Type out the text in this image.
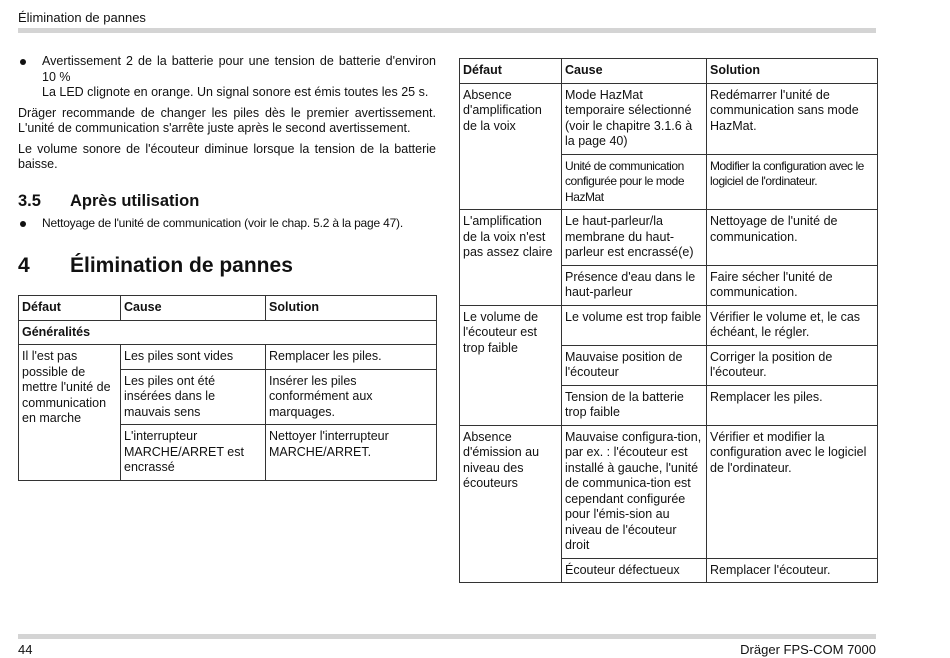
Élimination de pannes
Avertissement 2 de la batterie pour une tension de batterie d'environ 10 %
La LED clignote en orange. Un signal sonore est émis toutes les 25 s.

Dräger recommande de changer les piles dès le premier avertissement. L'unité de communication s'arrête juste après le second avertissement.

Le volume sonore de l'écouteur diminue lorsque la tension de la batterie baisse.

3.5	Après utilisation
Nettoyage de l'unité de communication (voir le chap. 5.2 à la page 47).
4	Élimination de pannes
Défaut	Cause	Solution
Généralités		
Il l'est pas possible de mettre l'unité de communication en marche	Les piles sont vides	Remplacer les piles.
	Les piles ont été insérées dans le mauvais sens	Insérer les piles conformément aux marquages.
	L'interrupteur MARCHE/ARRET est encrassé	Nettoyer l'interrupteur MARCHE/ARRET.
Défaut	Cause	Solution
Absence d'amplification de la voix	Mode HazMat temporaire sélectionné (voir le chapitre 3.1.6 à la page 40)	Redémarrer l'unité de communication sans mode HazMat.
	Unité de communication configurée pour le mode HazMat	Modifier la configuration avec le logiciel de l'ordinateur.
L'amplification de la voix n'est pas assez claire	Le haut-parleur/la membrane du haut-parleur est encrassé(e)	Nettoyage de l'unité de communication.
	Présence d'eau dans le haut-parleur	Faire sécher l'unité de communication.
Le volume de l'écouteur est trop faible	Le volume est trop faible	Vérifier le volume et, le cas échéant, le régler.
	Mauvaise position de l'écouteur	Corriger la position de l'écouteur.
	Tension de la batterie trop faible	Remplacer les piles.
Absence d'émission au niveau des écouteurs	Mauvaise configura-tion, par ex. : l'écouteur est installé à gauche, l'unité de communica-tion est cependant configurée pour l'émis-sion au niveau de l'écouteur droit	Vérifier et modifier la configuration avec le logiciel de l'ordinateur.
	Écouteur défectueux	Remplacer l'écouteur.
44	Dräger FPS-COM 7000
